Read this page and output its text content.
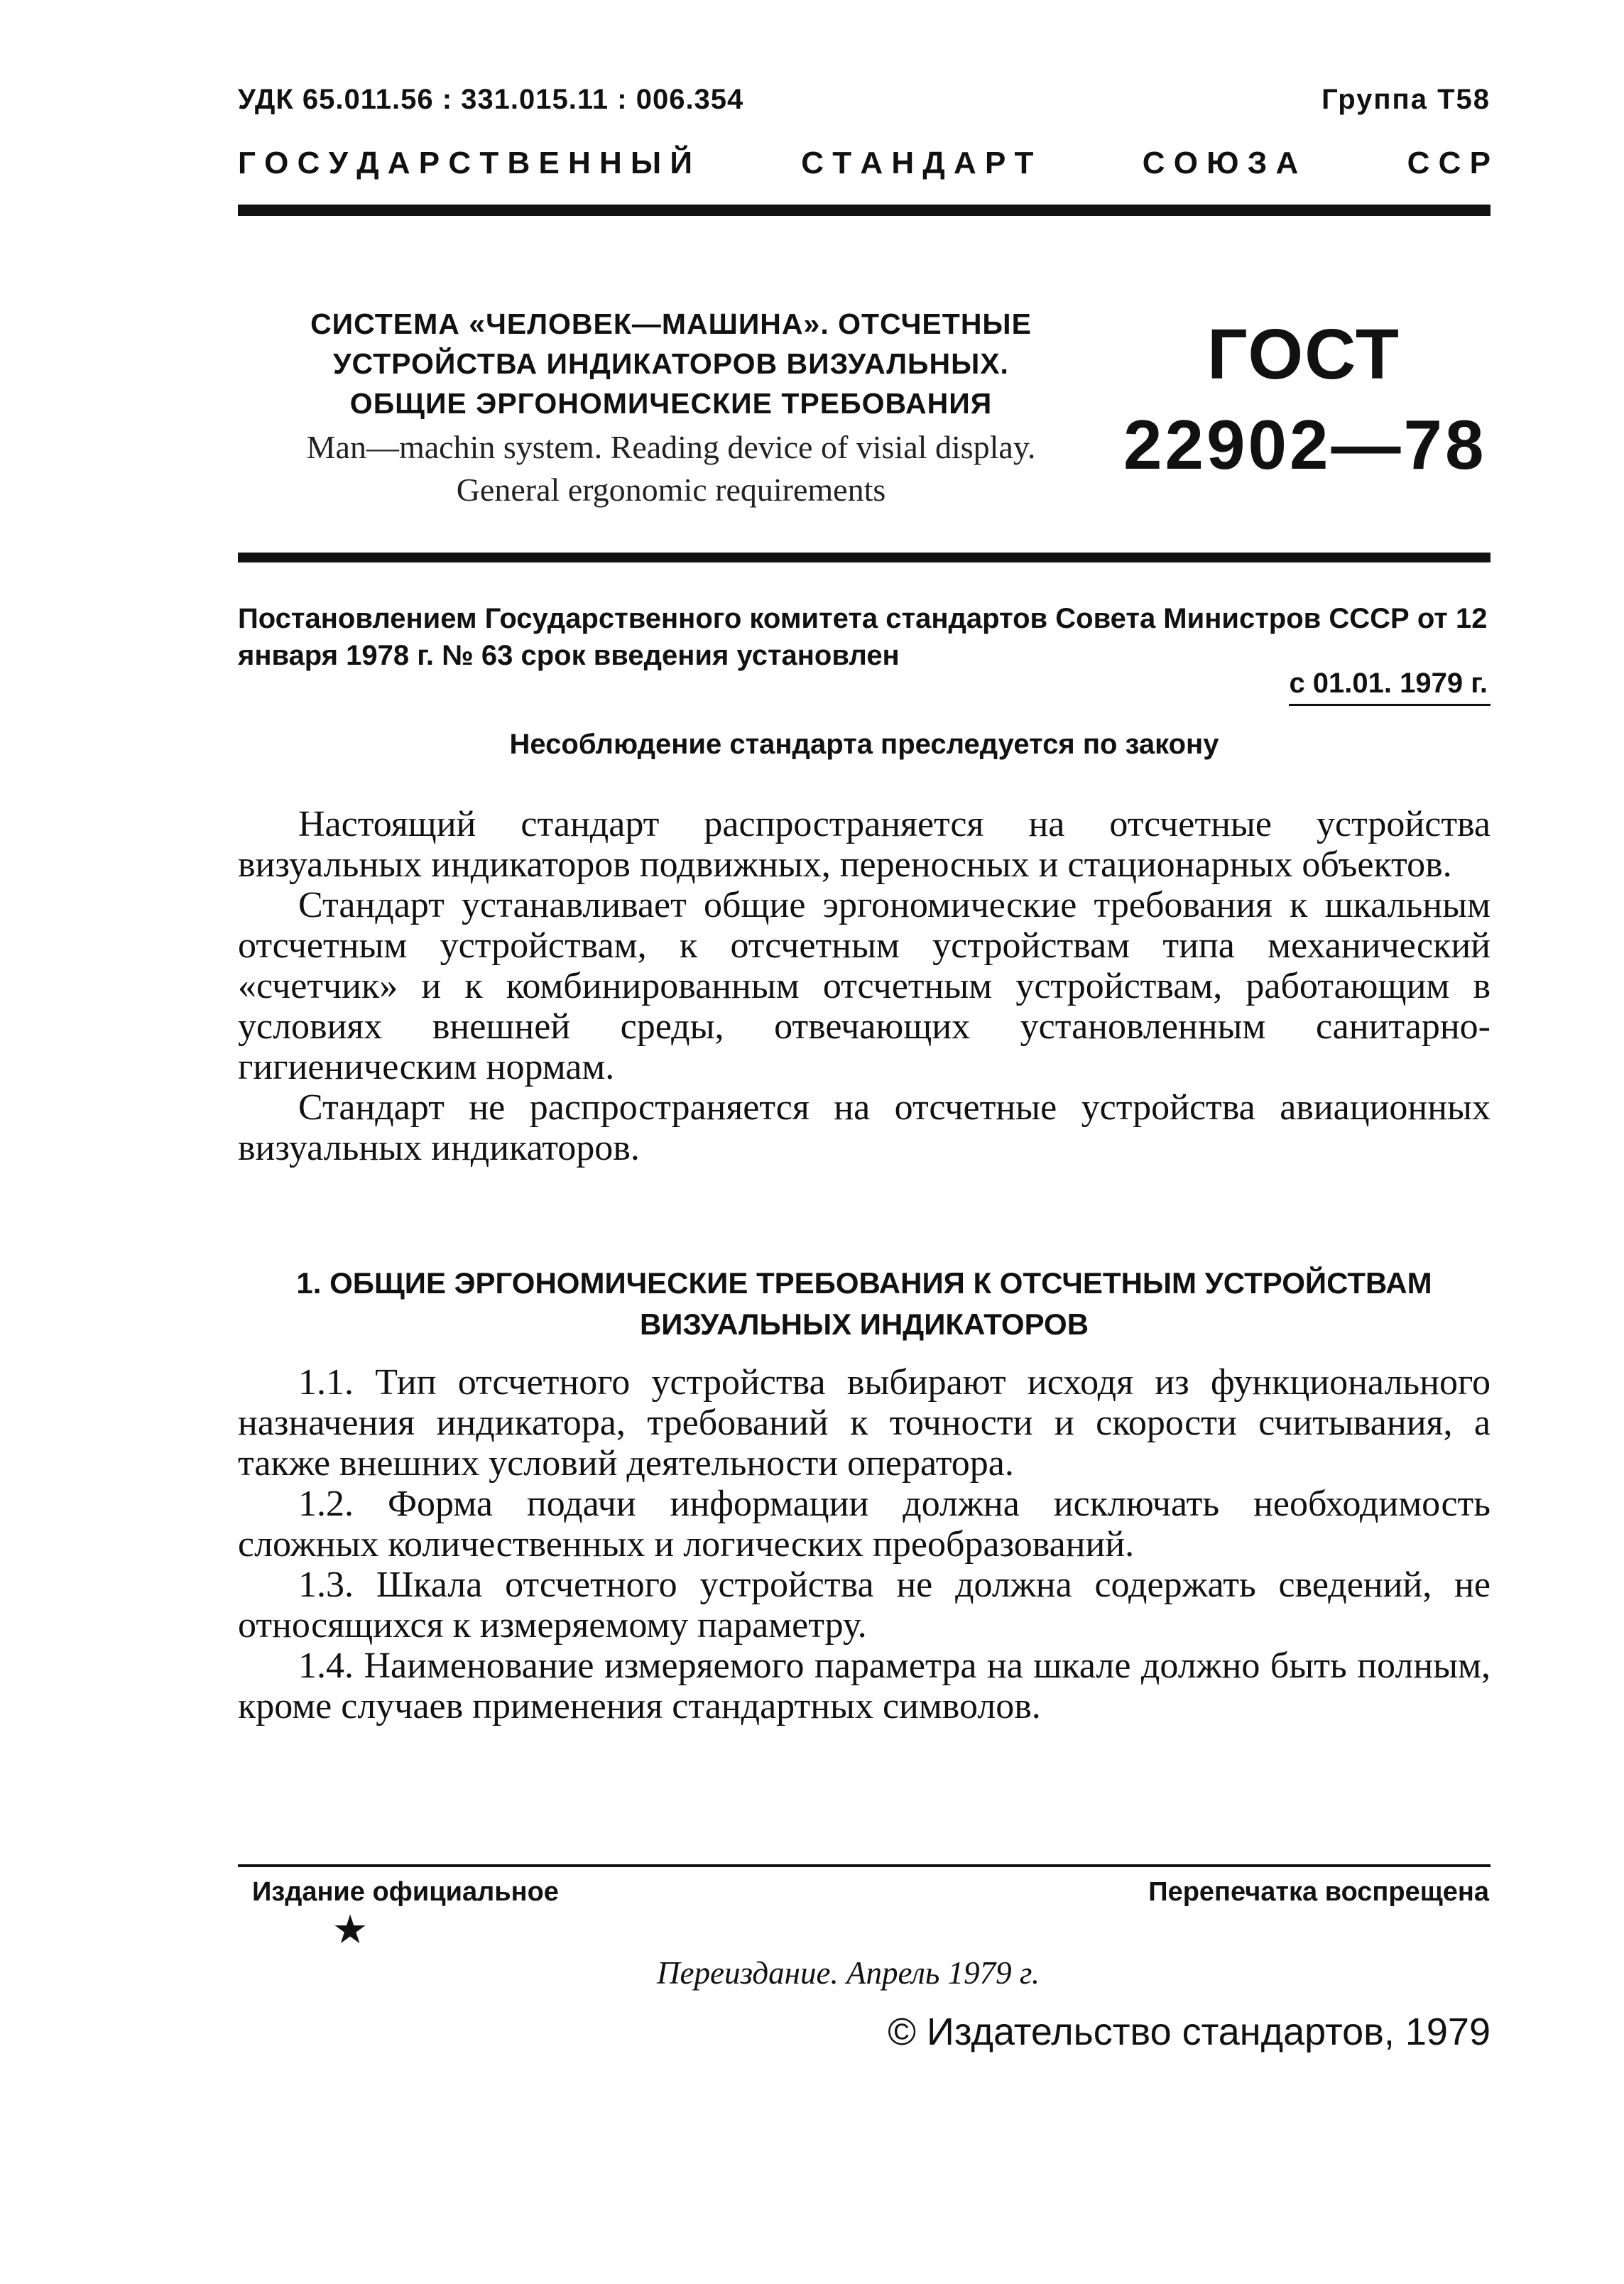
УДК 65.011.56 : 331.015.11 : 006.354	Группа Т58
Г О С У Д А Р С Т В Е Н Н Ы Й	С Т А Н Д А Р Т	С О Ю З А	С С Р
СИСТЕМА «ЧЕЛОВЕК—МАШИНА». ОТСЧЕТНЫЕ
УСТРОЙСТВА ИНДИКАТОРОВ ВИЗУАЛЬНЫХ.
ОБЩИЕ ЭРГОНОМИЧЕСКИЕ ТРЕБОВАНИЯ
Man—machin system. Reading device of visial display.
General ergonomic requirements
ГОСТ
22902—78
Постановлением Государственного комитета стандартов Совета Министров СССР от 12 января 1978 г. № 63 срок введения установлен
с 01.01. 1979 г.
Несоблюдение стандарта преследуется по закону

Настоящий стандарт распространяется на отсчетные устройства визуальных индикаторов подвижных, переносных и стационарных объектов.

Стандарт устанавливает общие эргономические требования к шкальным отсчетным устройствам, к отсчетным устройствам типа механический «счетчик» и к комбинированным отсчетным устройствам, работающим в условиях внешней среды, отвечающих установленным санитарно-гигиеническим нормам.

Стандарт не распространяется на отсчетные устройства авиационных визуальных индикаторов.

1. ОБЩИЕ ЭРГОНОМИЧЕСКИЕ ТРЕБОВАНИЯ К ОТСЧЕТНЫМ УСТРОЙСТВАМ
ВИЗУАЛЬНЫХ ИНДИКАТОРОВ

1.1. Тип отсчетного устройства выбирают исходя из функционального назначения индикатора, требований к точности и скорости считывания, а также внешних условий деятельности оператора.

1.2. Форма подачи информации должна исключать необходимость сложных количественных и логических преобразований.

1.3. Шкала отсчетного устройства не должна содержать сведений, не относящихся к измеряемому параметру.

1.4. Наименование измеряемого параметра на шкале должно быть полным, кроме случаев применения стандартных символов.

Издание официальное
★
Перепечатка воспрещена
Переиздание. Апрель 1979 г.
© Издательство стандартов, 1979
